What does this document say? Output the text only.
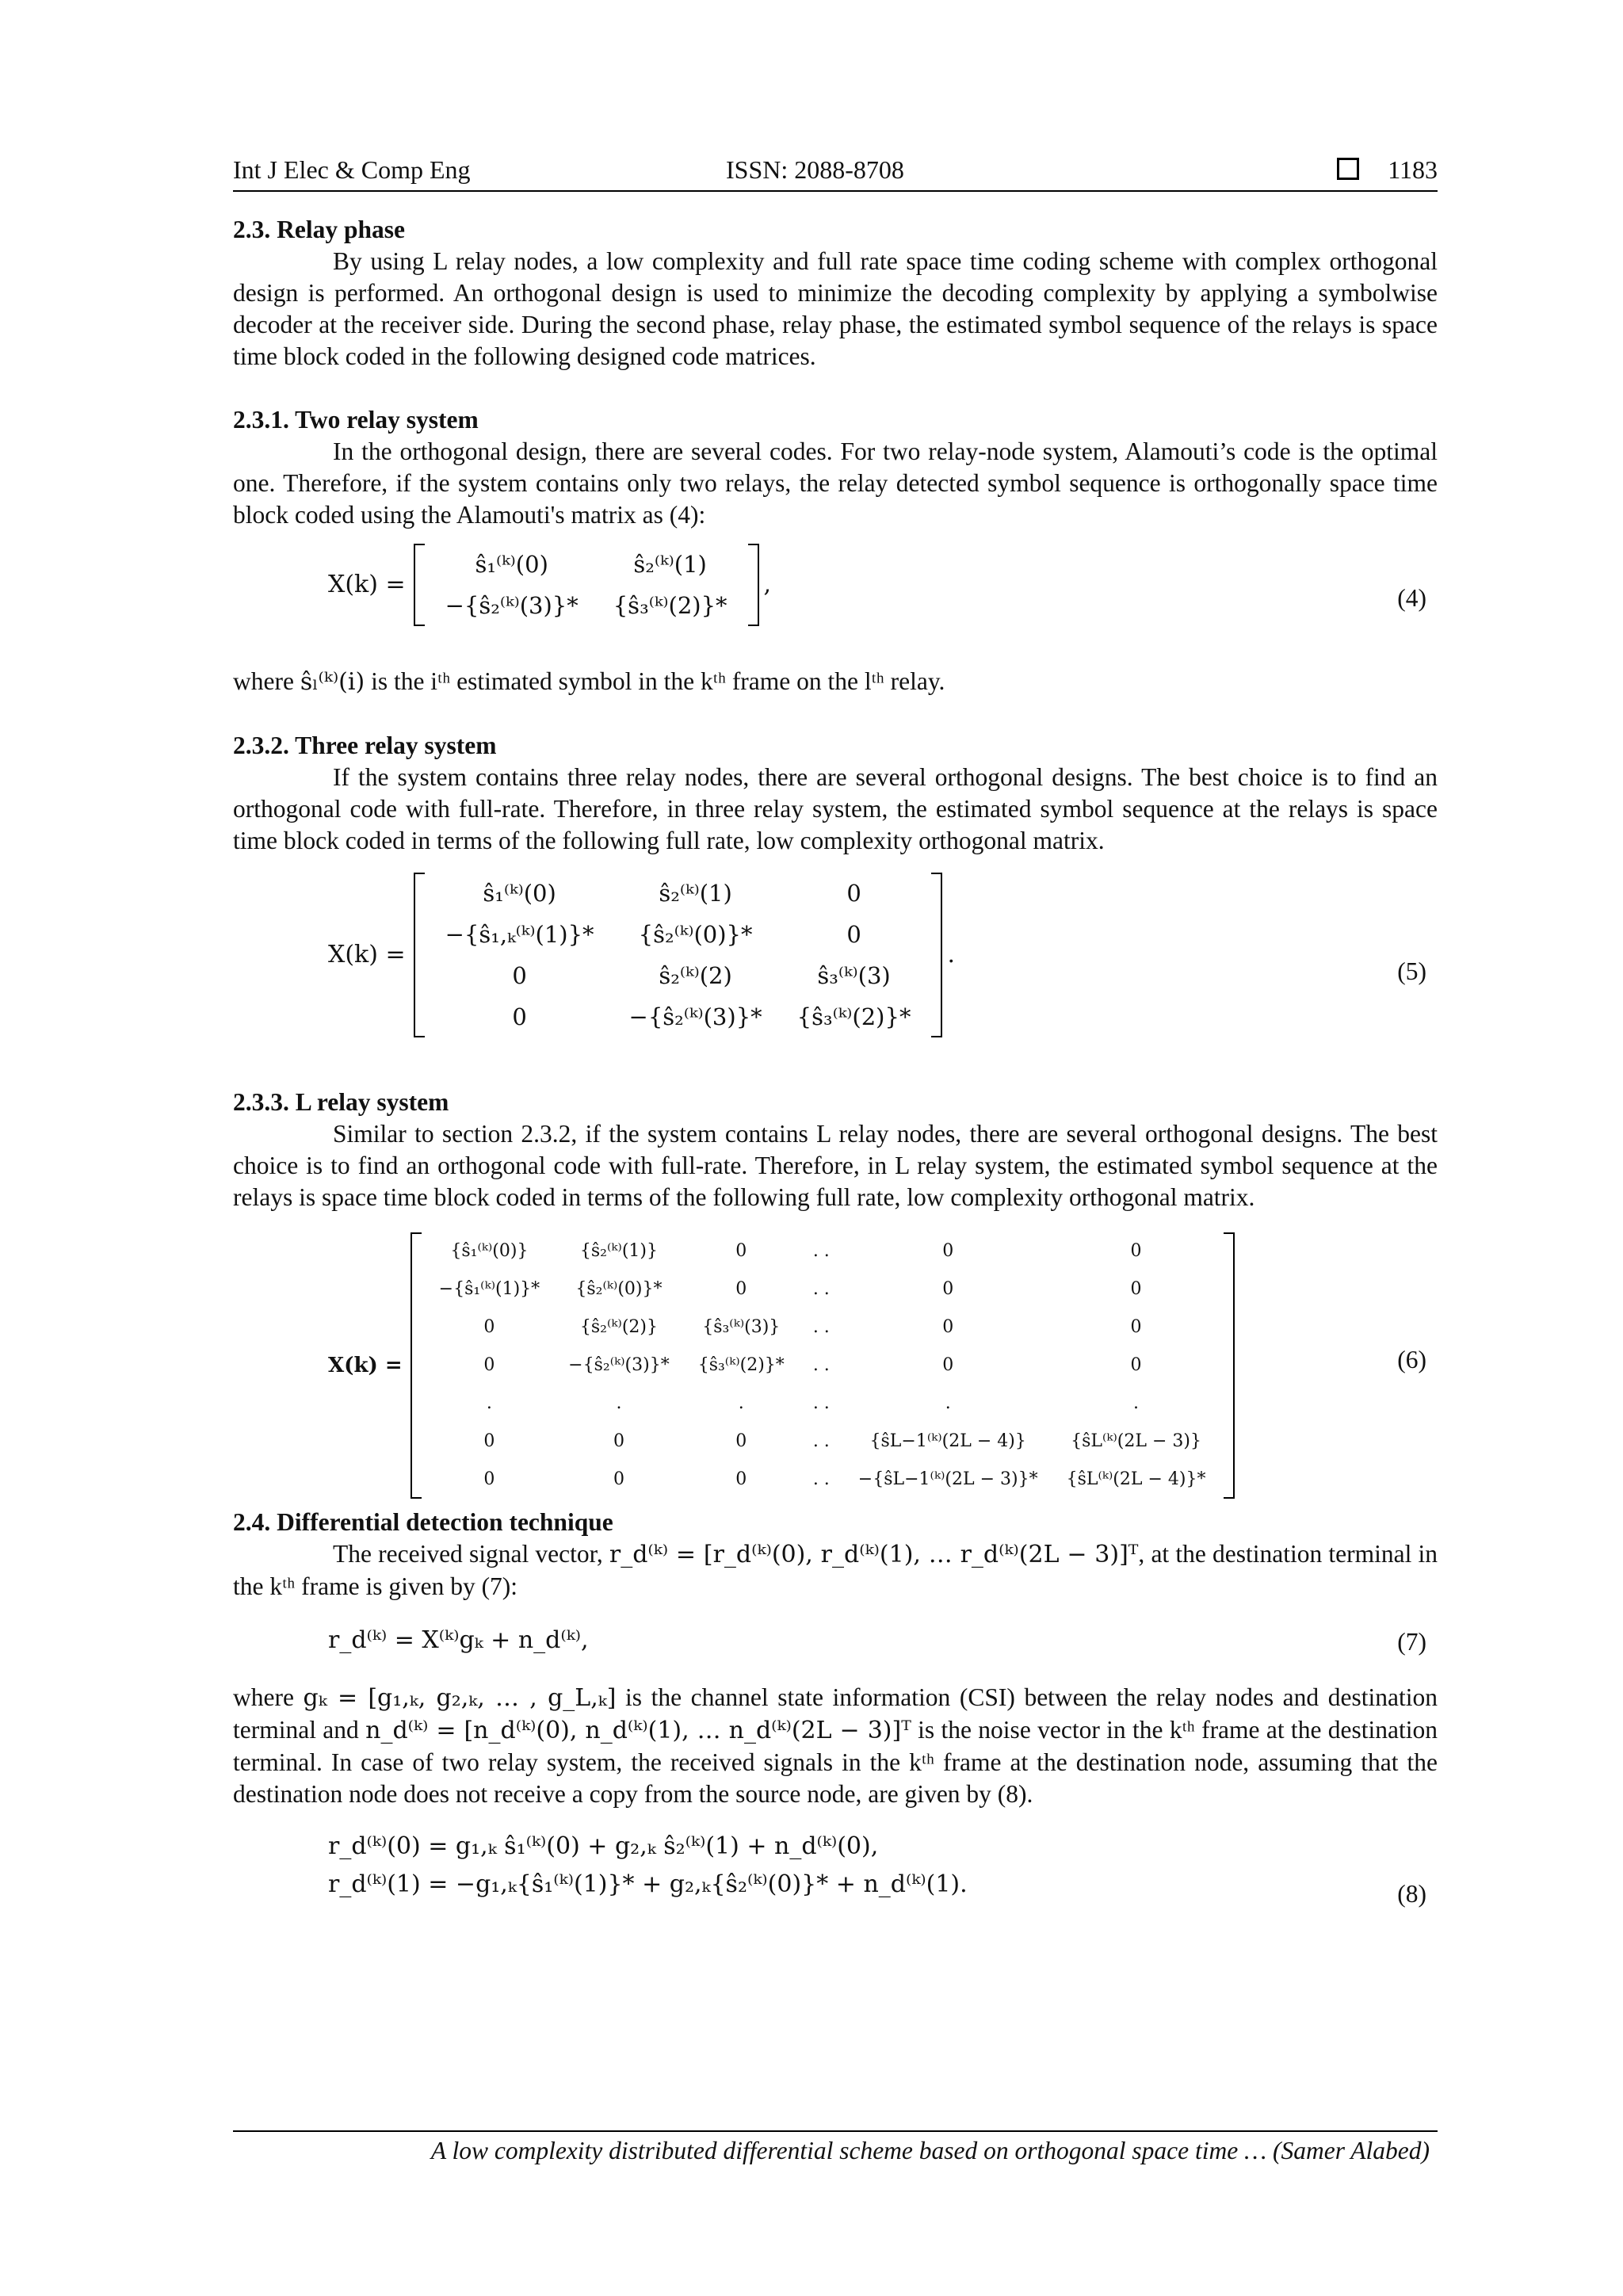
Int J Elec & Comp Eng	ISSN: 2088-8708	1183
2.3. Relay phase

By using L relay nodes, a low complexity and full rate space time coding scheme with complex orthogonal design is performed. An orthogonal design is used to minimize the decoding complexity by applying a symbolwise decoder at the receiver side. During the second phase, relay phase, the estimated symbol sequence of the relays is space time block coded in the following designed code matrices.

2.3.1. Two relay system

In the orthogonal design, there are several codes. For two relay-node system, Alamouti’s code is the optimal one. Therefore, if the system contains only two relays, the relay detected symbol sequence is orthogonally space time block coded using the Alamouti's matrix as (4):

X(k) =
ŝ₁⁽ᵏ⁾(0)	ŝ₂⁽ᵏ⁾(1)
−{ŝ₂⁽ᵏ⁾(3)}*	{ŝ₃⁽ᵏ⁾(2)}*
,	(4)

where ŝₗ⁽ᵏ⁾(i) is the iᵗʰ estimated symbol in the kᵗʰ frame on the lᵗʰ relay.

2.3.2. Three relay system

If the system contains three relay nodes, there are several orthogonal designs. The best choice is to find an orthogonal code with full-rate. Therefore, in three relay system, the estimated symbol sequence at the relays is space time block coded in terms of the following full rate, low complexity orthogonal matrix.

X(k) =
ŝ₁⁽ᵏ⁾(0)	ŝ₂⁽ᵏ⁾(1)	0
−{ŝ₁,ₖ⁽ᵏ⁾(1)}*	{ŝ₂⁽ᵏ⁾(0)}*	0
0	ŝ₂⁽ᵏ⁾(2)	ŝ₃⁽ᵏ⁾(3)
0	−{ŝ₂⁽ᵏ⁾(3)}*	{ŝ₃⁽ᵏ⁾(2)}*
.
(5)
2.3.3. L relay system

Similar to section 2.3.2, if the system contains L relay nodes, there are several orthogonal designs. The best choice is to find an orthogonal code with full-rate. Therefore, in L relay system, the estimated symbol sequence at the relays is space time block coded in terms of the following full rate, low complexity orthogonal matrix.

X(k) =
{ŝ₁⁽ᵏ⁾(0)}	{ŝ₂⁽ᵏ⁾(1)}	0	. .	0	0
−{ŝ₁⁽ᵏ⁾(1)}*	{ŝ₂⁽ᵏ⁾(0)}*	0	. .	0	0
0	{ŝ₂⁽ᵏ⁾(2)}	{ŝ₃⁽ᵏ⁾(3)}	. .	0	0
0	−{ŝ₂⁽ᵏ⁾(3)}*	{ŝ₃⁽ᵏ⁾(2)}*	. .	0	0
.	.	.	. .	.	.
0	0	0	. .	{ŝL−1⁽ᵏ⁾(2L − 4)}	{ŝL⁽ᵏ⁾(2L − 3)}
0	0	0	. .	−{ŝL−1⁽ᵏ⁾(2L − 3)}*	{ŝL⁽ᵏ⁾(2L − 4)}*
(6)
2.4. Differential detection technique

The received signal vector, r_d⁽ᵏ⁾ = [r_d⁽ᵏ⁾(0), r_d⁽ᵏ⁾(1), … r_d⁽ᵏ⁾(2L − 3)]ᵀ, at the destination terminal in the kᵗʰ frame is given by (7):

r_d⁽ᵏ⁾ = X⁽ᵏ⁾gₖ + n_d⁽ᵏ⁾,	(7)

where gₖ = [g₁,ₖ, g₂,ₖ, … , g_L,ₖ] is the channel state information (CSI) between the relay nodes and destination terminal and n_d⁽ᵏ⁾ = [n_d⁽ᵏ⁾(0), n_d⁽ᵏ⁾(1), … n_d⁽ᵏ⁾(2L − 3)]ᵀ is the noise vector in the kᵗʰ frame at the destination terminal. In case of two relay system, the received signals in the kᵗʰ frame at the destination node, assuming that the destination node does not receive a copy from the source node, are given by (8).

r_d⁽ᵏ⁾(0) = g₁,ₖ ŝ₁⁽ᵏ⁾(0) + g₂,ₖ ŝ₂⁽ᵏ⁾(1) + n_d⁽ᵏ⁾(0),
r_d⁽ᵏ⁾(1) = −g₁,ₖ{ŝ₁⁽ᵏ⁾(1)}* + g₂,ₖ{ŝ₂⁽ᵏ⁾(0)}* + n_d⁽ᵏ⁾(1).	(8)
A low complexity distributed differential scheme based on orthogonal space time … (Samer Alabed)
